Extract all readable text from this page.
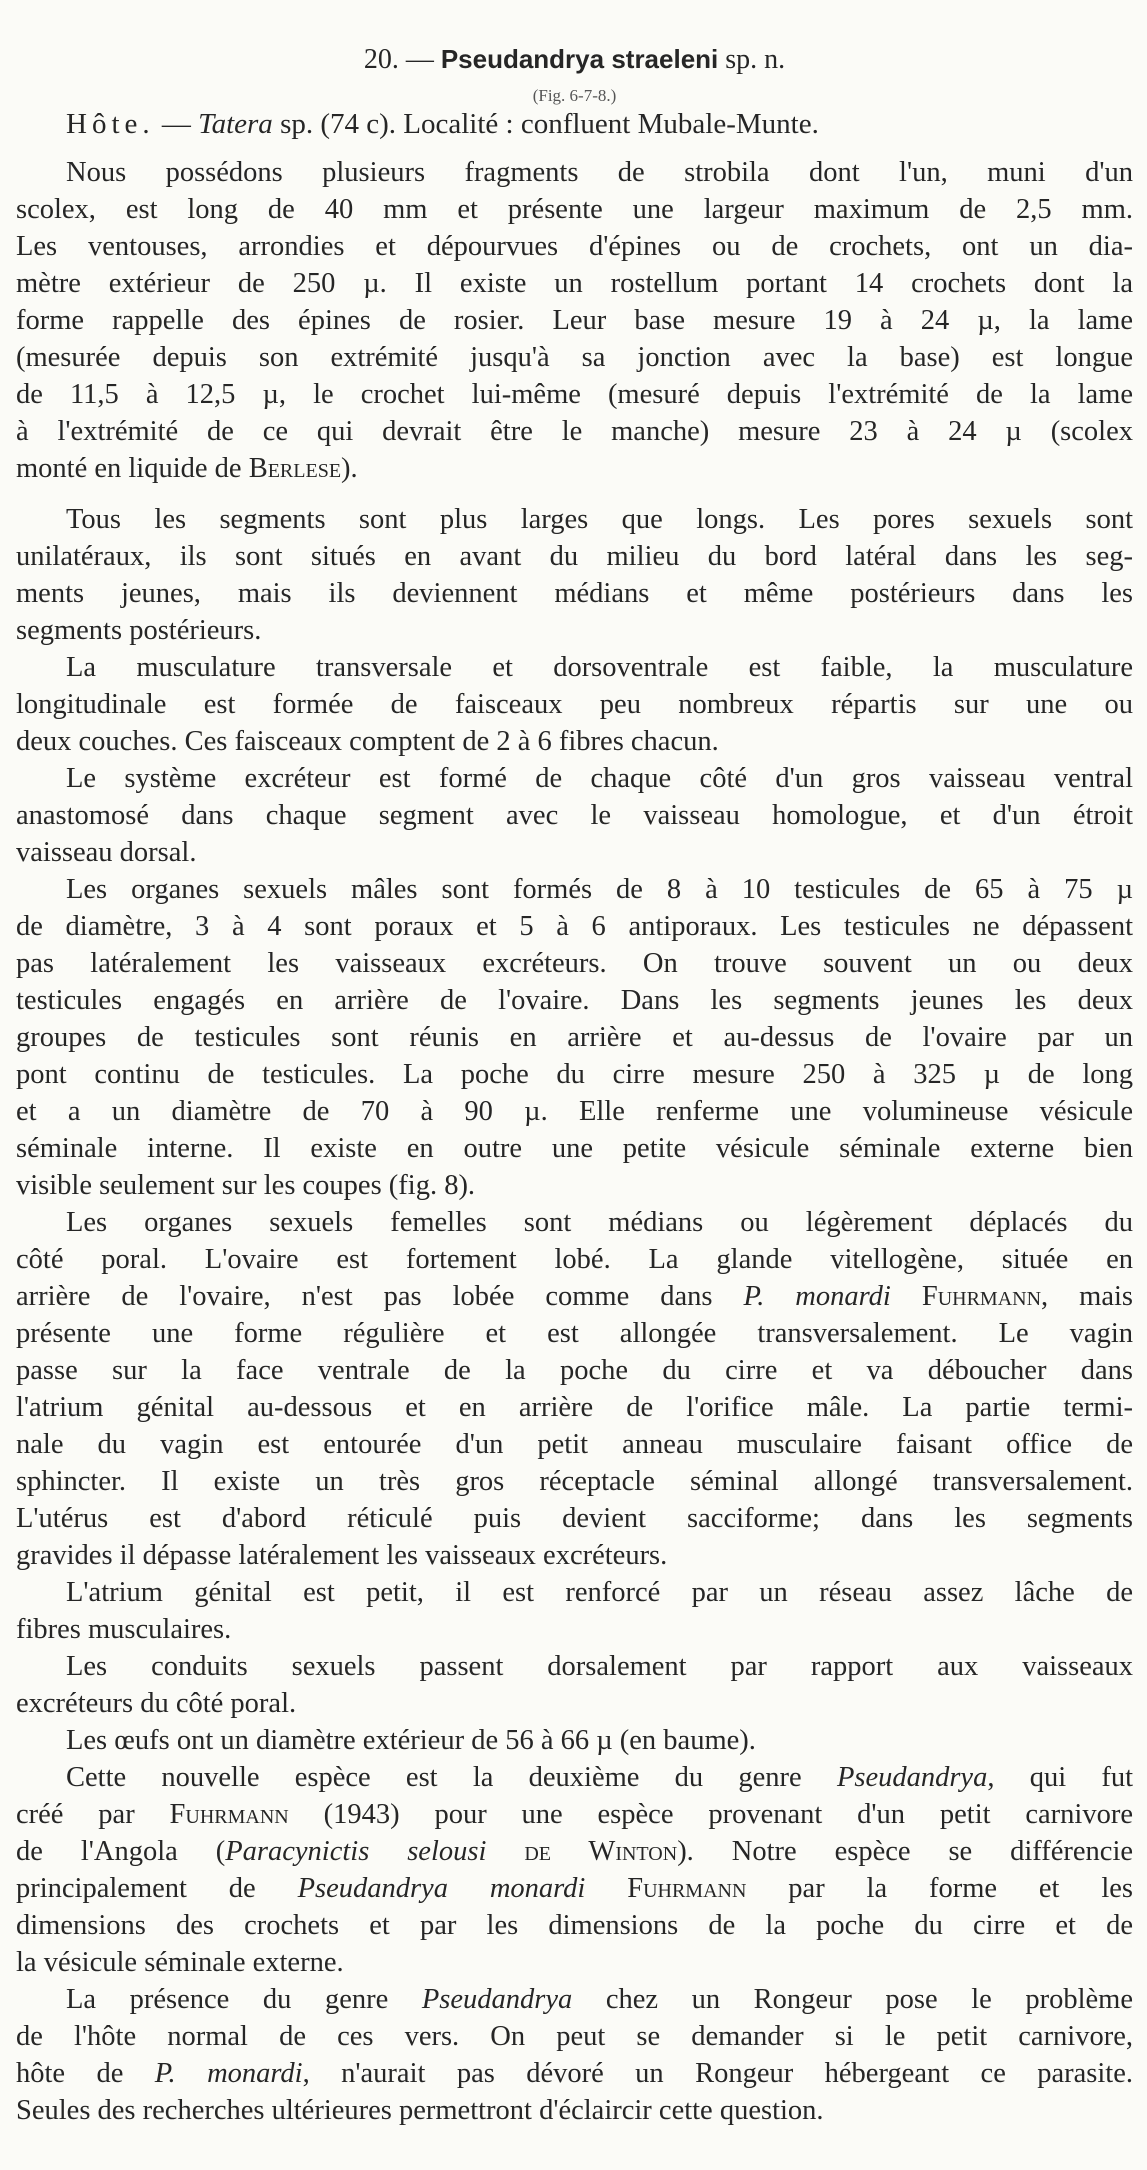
20. — Pseudandrya straeleni sp. n.
(Fig. 6-7-8.)
Hôte. — Tatera sp. (74 c). Localité : confluent Mubale-Munte.
Nous possédons plusieurs fragments de strobila dont l'un, muni d'un
scolex, est long de 40 mm et présente une largeur maximum de 2,5 mm.
Les ventouses, arrondies et dépourvues d'épines ou de crochets, ont un dia-
mètre extérieur de 250 µ. Il existe un rostellum portant 14 crochets dont la
forme rappelle des épines de rosier. Leur base mesure 19 à 24 µ, la lame
(mesurée depuis son extrémité jusqu'à sa jonction avec la base) est longue
de 11,5 à 12,5 µ, le crochet lui-même (mesuré depuis l'extrémité de la lame
à l'extrémité de ce qui devrait être le manche) mesure 23 à 24 µ (scolex
monté en liquide de Berlese).
Tous les segments sont plus larges que longs. Les pores sexuels sont
unilatéraux, ils sont situés en avant du milieu du bord latéral dans les seg-
ments jeunes, mais ils deviennent médians et même postérieurs dans les
segments postérieurs.
La musculature transversale et dorsoventrale est faible, la musculature
longitudinale est formée de faisceaux peu nombreux répartis sur une ou
deux couches. Ces faisceaux comptent de 2 à 6 fibres chacun.
Le système excréteur est formé de chaque côté d'un gros vaisseau ventral
anastomosé dans chaque segment avec le vaisseau homologue, et d'un étroit
vaisseau dorsal.
Les organes sexuels mâles sont formés de 8 à 10 testicules de 65 à 75 µ
de diamètre, 3 à 4 sont poraux et 5 à 6 antiporaux. Les testicules ne dépassent
pas latéralement les vaisseaux excréteurs. On trouve souvent un ou deux
testicules engagés en arrière de l'ovaire. Dans les segments jeunes les deux
groupes de testicules sont réunis en arrière et au-dessus de l'ovaire par un
pont continu de testicules. La poche du cirre mesure 250 à 325 µ de long
et a un diamètre de 70 à 90 µ. Elle renferme une volumineuse vésicule
séminale interne. Il existe en outre une petite vésicule séminale externe bien
visible seulement sur les coupes (fig. 8).
Les organes sexuels femelles sont médians ou légèrement déplacés du
côté poral. L'ovaire est fortement lobé. La glande vitellogène, située en
arrière de l'ovaire, n'est pas lobée comme dans P. monardi Fuhrmann, mais
présente une forme régulière et est allongée transversalement. Le vagin
passe sur la face ventrale de la poche du cirre et va déboucher dans
l'atrium génital au-dessous et en arrière de l'orifice mâle. La partie termi-
nale du vagin est entourée d'un petit anneau musculaire faisant office de
sphincter. Il existe un très gros réceptacle séminal allongé transversalement.
L'utérus est d'abord réticulé puis devient sacciforme; dans les segments
gravides il dépasse latéralement les vaisseaux excréteurs.
L'atrium génital est petit, il est renforcé par un réseau assez lâche de
fibres musculaires.
Les conduits sexuels passent dorsalement par rapport aux vaisseaux
excréteurs du côté poral.
Les œufs ont un diamètre extérieur de 56 à 66 µ (en baume).
Cette nouvelle espèce est la deuxième du genre Pseudandrya, qui fut
créé par Fuhrmann (1943) pour une espèce provenant d'un petit carnivore
de l'Angola (Paracynictis selousi de Winton). Notre espèce se différencie
principalement de Pseudandrya monardi Fuhrmann par la forme et les
dimensions des crochets et par les dimensions de la poche du cirre et de
la vésicule séminale externe.
La présence du genre Pseudandrya chez un Rongeur pose le problème
de l'hôte normal de ces vers. On peut se demander si le petit carnivore,
hôte de P. monardi, n'aurait pas dévoré un Rongeur hébergeant ce parasite.
Seules des recherches ultérieures permettront d'éclaircir cette question.
